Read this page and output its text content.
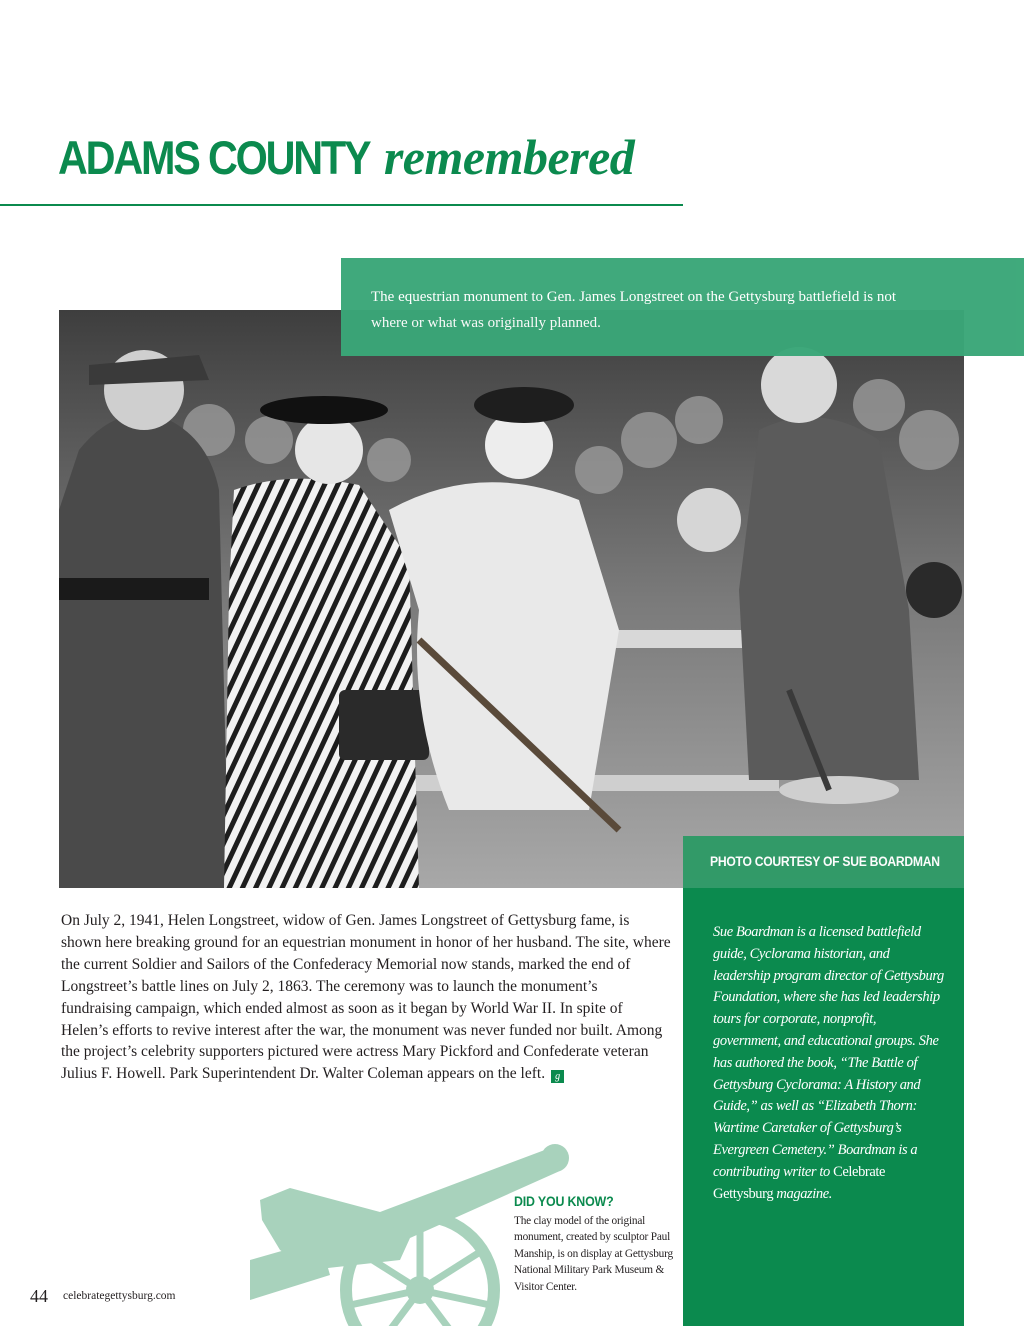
ADAMS COUNTY remembered
The equestrian monument to Gen. James Longstreet on the Gettysburg battlefield is not where or what was originally planned.
PHOTO COURTESY OF SUE BOARDMAN
Sue Boardman is a licensed battlefield guide, Cyclorama historian, and leadership program director of Gettysburg Foundation, where she has led leadership tours for corporate, nonprofit, government, and educational groups. She has authored the book, “The Battle of Gettysburg Cyclorama: A History and Guide,” as well as “Elizabeth Thorn: Wartime Caretaker of Gettysburg’s Evergreen Cemetery.” Boardman is a contributing writer to Celebrate Gettysburg magazine.
On July 2, 1941, Helen Longstreet, widow of Gen. James Longstreet of Gettysburg fame, is shown here breaking ground for an equestrian monument in honor of her husband. The site, where the current Soldier and Sailors of the Confederacy Memorial now stands, marked the end of Longstreet’s battle lines on July 2, 1863. The ceremony was to launch the monument’s fundraising campaign, which ended almost as soon as it began by World War II. In spite of Helen’s efforts to revive interest after the war, the monument was never funded nor built. Among the project’s celebrity supporters pictured were actress Mary Pickford and Confederate veteran Julius F. Howell. Park Superintendent Dr. Walter Coleman appears on the left. g
DID YOU KNOW?
The clay model of the original monument, created by sculptor Paul Manship, is on display at Gettysburg National Military Park Museum & Visitor Center.
44 celebrategettysburg.com
